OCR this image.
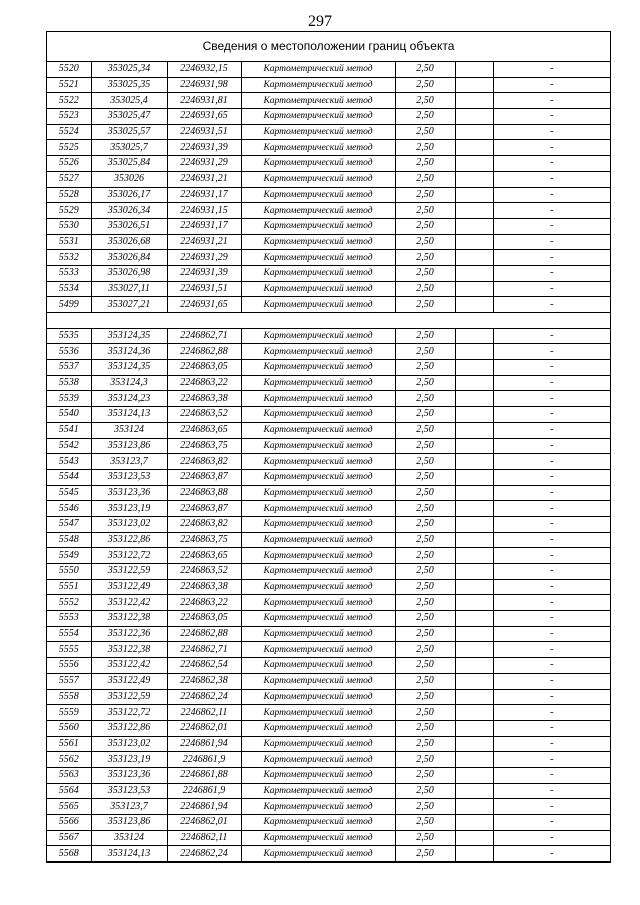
297
Сведения о местоположении границ объекта
5520	353025,34	2246932,15	Картометрический метод	2,50		-
5521	353025,35	2246931,98	Картометрический метод	2,50		-
5522	353025,4	2246931,81	Картометрический метод	2,50		-
5523	353025,47	2246931,65	Картометрический метод	2,50		-
5524	353025,57	2246931,51	Картометрический метод	2,50		-
5525	353025,7	2246931,39	Картометрический метод	2,50		-
5526	353025,84	2246931,29	Картометрический метод	2,50		-
5527	353026	2246931,21	Картометрический метод	2,50		-
5528	353026,17	2246931,17	Картометрический метод	2,50		-
5529	353026,34	2246931,15	Картометрический метод	2,50		-
5530	353026,51	2246931,17	Картометрический метод	2,50		-
5531	353026,68	2246931,21	Картометрический метод	2,50		-
5532	353026,84	2246931,29	Картометрический метод	2,50		-
5533	353026,98	2246931,39	Картометрический метод	2,50		-
5534	353027,11	2246931,51	Картометрический метод	2,50		-
5499	353027,21	2246931,65	Картометрический метод	2,50		-

5535	353124,35	2246862,71	Картометрический метод	2,50		-
5536	353124,36	2246862,88	Картометрический метод	2,50		-
5537	353124,35	2246863,05	Картометрический метод	2,50		-
5538	353124,3	2246863,22	Картометрический метод	2,50		-
5539	353124,23	2246863,38	Картометрический метод	2,50		-
5540	353124,13	2246863,52	Картометрический метод	2,50		-
5541	353124	2246863,65	Картометрический метод	2,50		-
5542	353123,86	2246863,75	Картометрический метод	2,50		-
5543	353123,7	2246863,82	Картометрический метод	2,50		-
5544	353123,53	2246863,87	Картометрический метод	2,50		-
5545	353123,36	2246863,88	Картометрический метод	2,50		-
5546	353123,19	2246863,87	Картометрический метод	2,50		-
5547	353123,02	2246863,82	Картометрический метод	2,50		-
5548	353122,86	2246863,75	Картометрический метод	2,50		-
5549	353122,72	2246863,65	Картометрический метод	2,50		-
5550	353122,59	2246863,52	Картометрический метод	2,50		-
5551	353122,49	2246863,38	Картометрический метод	2,50		-
5552	353122,42	2246863,22	Картометрический метод	2,50		-
5553	353122,38	2246863,05	Картометрический метод	2,50		-
5554	353122,36	2246862,88	Картометрический метод	2,50		-
5555	353122,38	2246862,71	Картометрический метод	2,50		-
5556	353122,42	2246862,54	Картометрический метод	2,50		-
5557	353122,49	2246862,38	Картометрический метод	2,50		-
5558	353122,59	2246862,24	Картометрический метод	2,50		-
5559	353122,72	2246862,11	Картометрический метод	2,50		-
5560	353122,86	2246862,01	Картометрический метод	2,50		-
5561	353123,02	2246861,94	Картометрический метод	2,50		-
5562	353123,19	2246861,9	Картометрический метод	2,50		-
5563	353123,36	2246861,88	Картометрический метод	2,50		-
5564	353123,53	2246861,9	Картометрический метод	2,50		-
5565	353123,7	2246861,94	Картометрический метод	2,50		-
5566	353123,86	2246862,01	Картометрический метод	2,50		-
5567	353124	2246862,11	Картометрический метод	2,50		-
5568	353124,13	2246862,24	Картометрический метод	2,50		-
